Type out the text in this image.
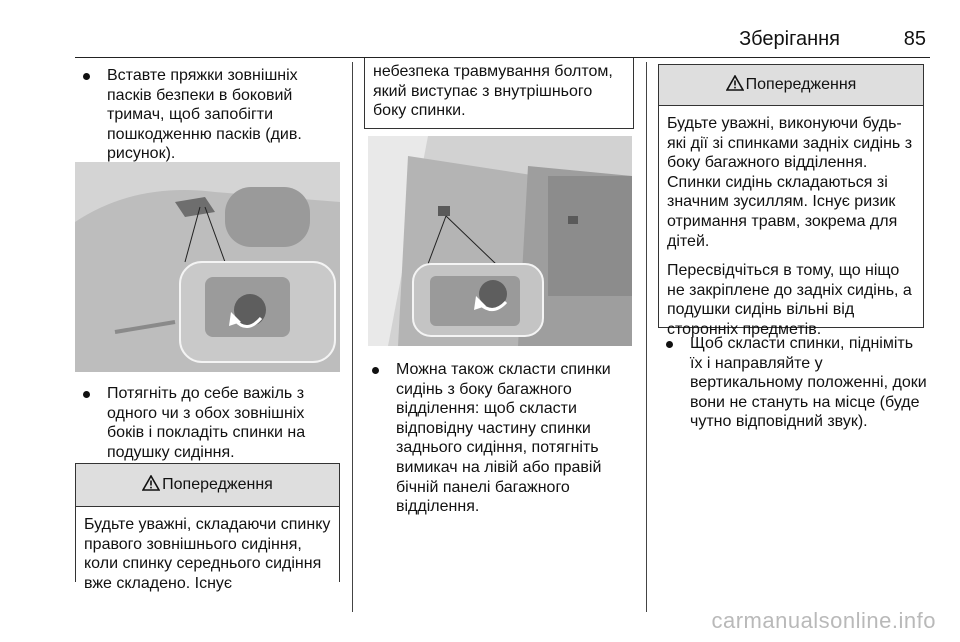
Зберігання	85
Вставте пряжки зовнішніх пасків безпеки в боковий тримач, щоб запобігти пошкодженню пасків (див. рисунок).
Потягніть до себе важіль з одного чи з обох зовнішніх боків і покладіть спинки на подушку сидіння.
Попередження
Будьте уважні, складаючи спинку правого зовнішнього сидіння, коли спинку середнього сидіння вже складено. Існує
небезпека травмування болтом, який виступає з внутрішнього боку спинки.
Можна також скласти спинки сидінь з боку багажного відділення: щоб скласти відповідну частину спинки заднього сидіння, потягніть вимикач на лівій або правій бічній панелі багажного відділення.
Попередження

Будьте уважні, виконуючи будь-які дії зі спинками задніх сидінь з боку багажного відділення. Спинки сидінь складаються зі значним зусиллям. Існує ризик отримання травм, зокрема для дітей.

Пересвідчіться в тому, що ніщо не закріплене до задніх сидінь, а подушки сидінь вільні від сторонніх предметів.

Щоб скласти спинки, підніміть їх і направляйте у вертикальному положенні, доки вони не стануть на місце (буде чутно відповідний звук).
carmanualsonline.info
